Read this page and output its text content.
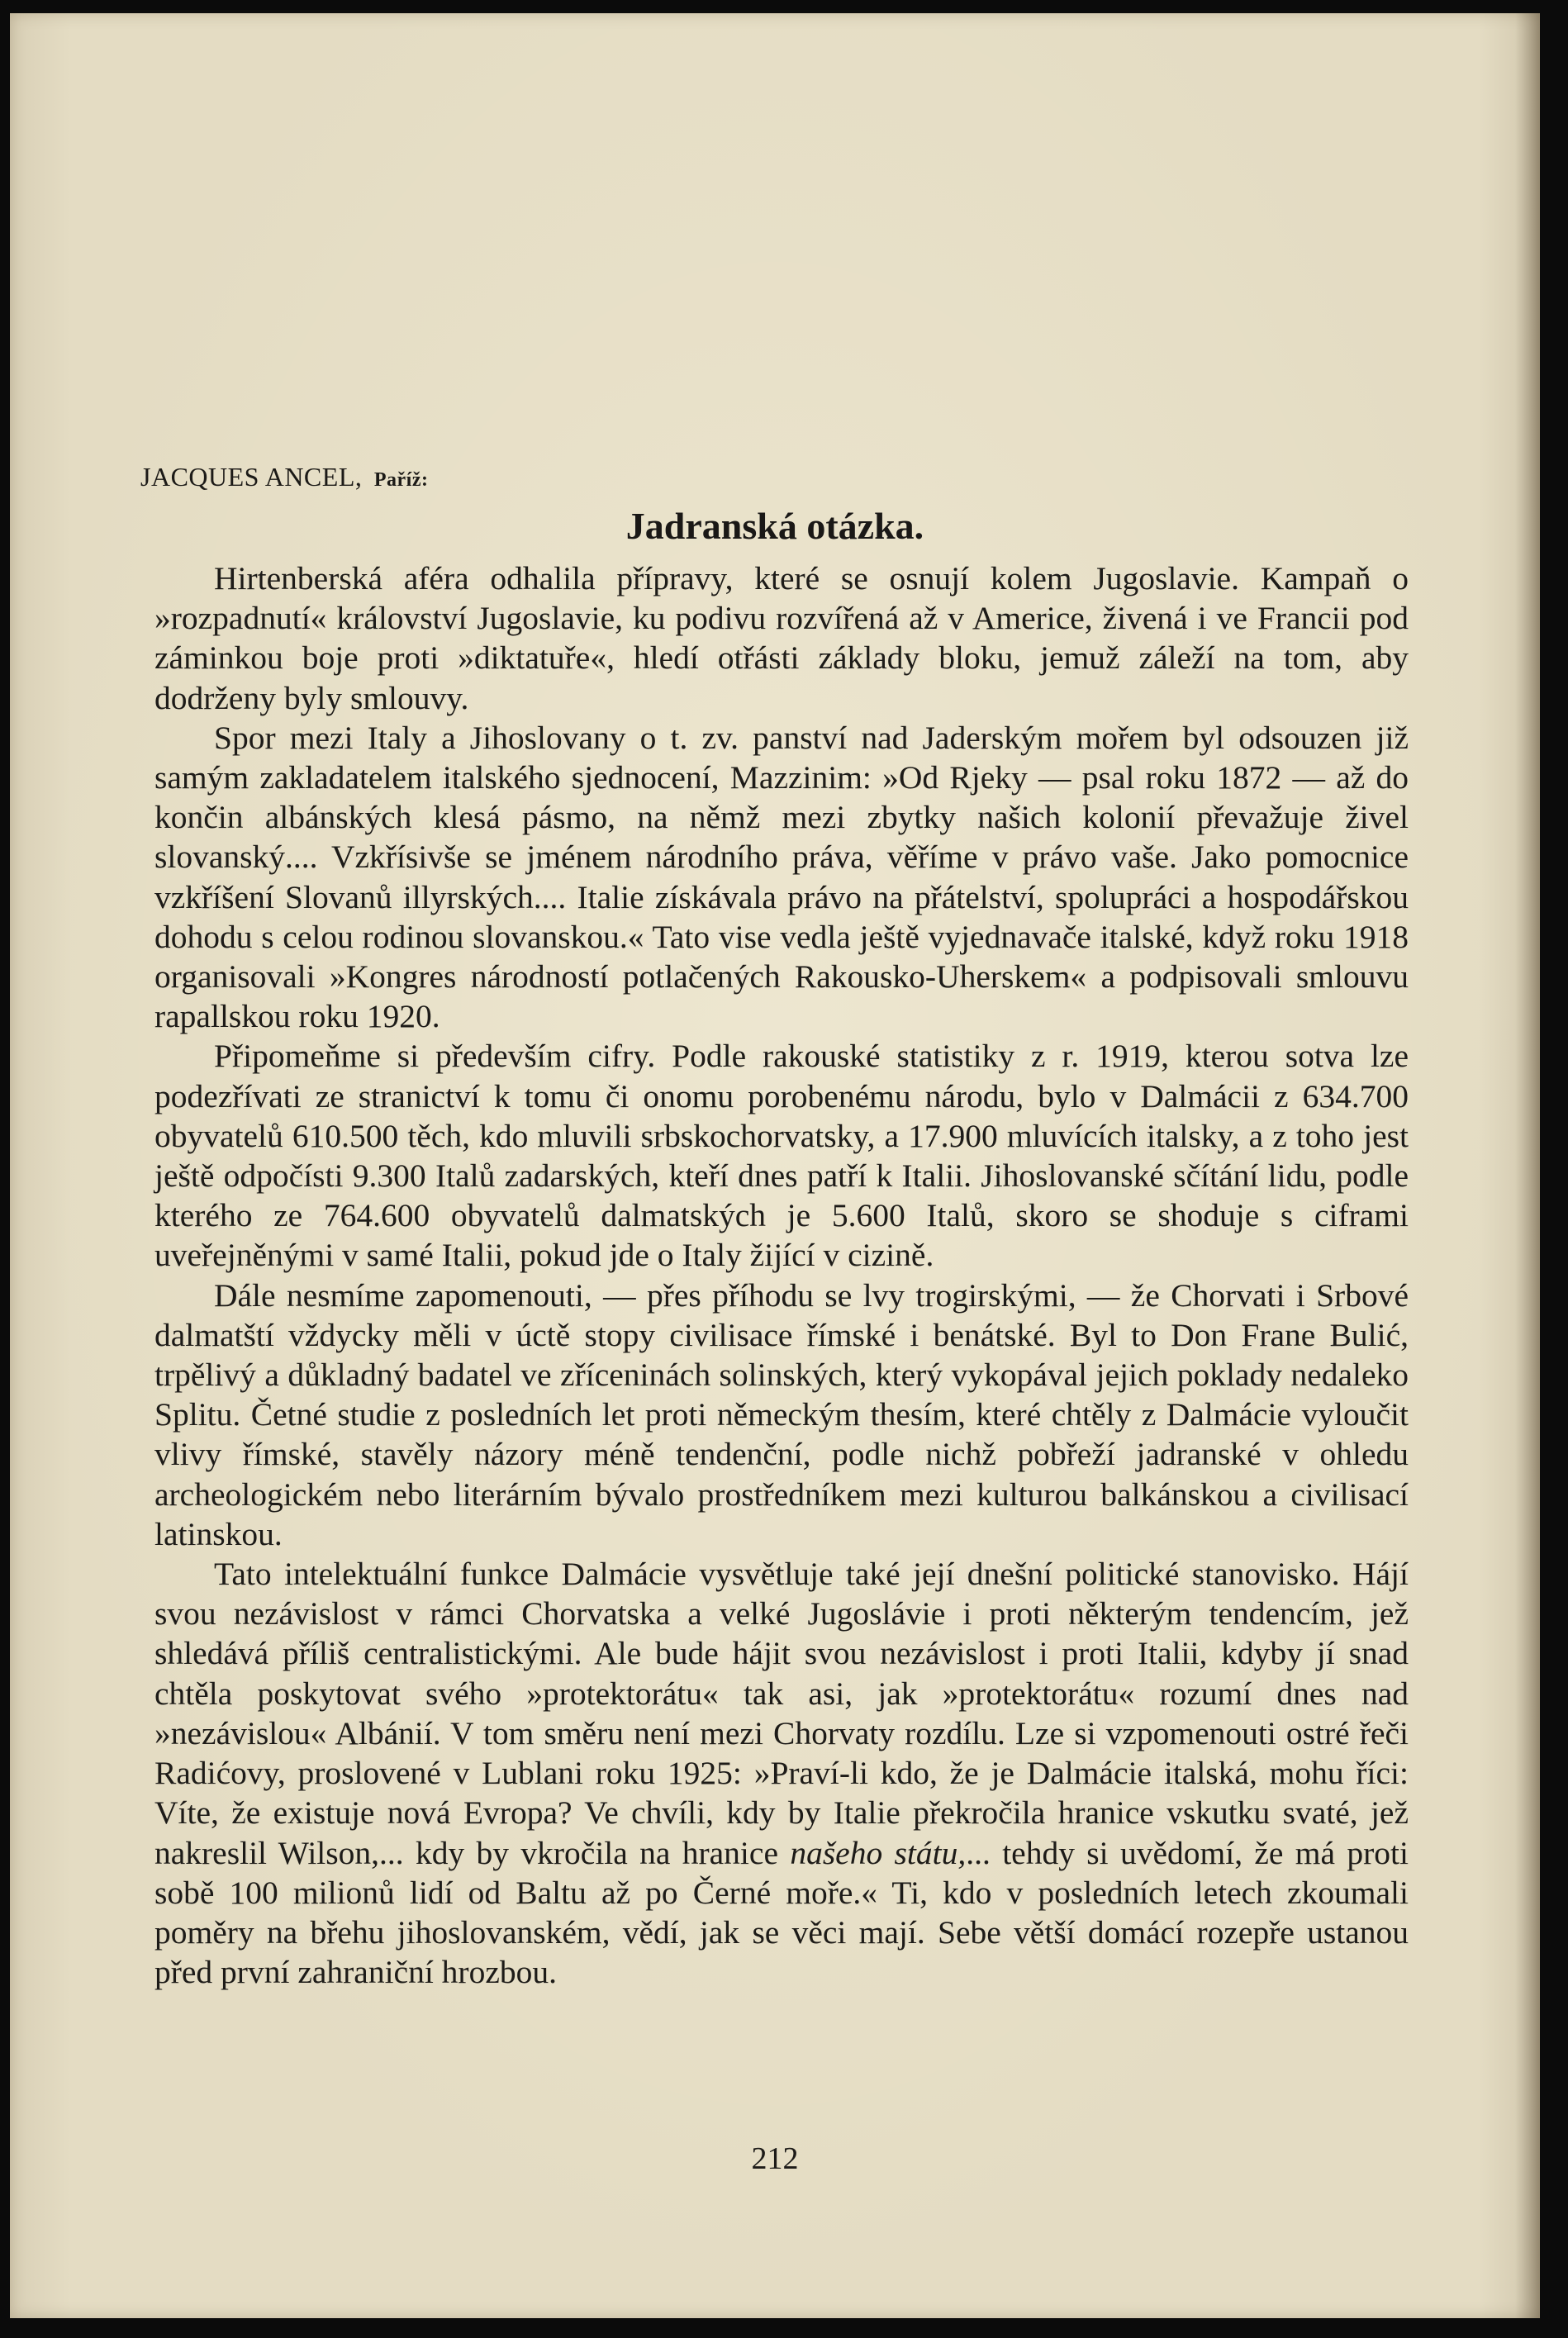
JACQUES ANCEL, Paříž:
Jadranská otázka.

Hirtenberská aféra odhalila přípravy, které se osnují kolem Jugoslavie. Kampaň o »rozpadnutí« království Jugoslavie, ku podivu rozvířená až v Americe, živená i ve Francii pod záminkou boje proti »diktatuře«, hledí otřásti základy bloku, jemuž záleží na tom, aby dodrženy byly smlouvy.

Spor mezi Italy a Jihoslovany o t. zv. panství nad Jaderským mořem byl odsouzen již samým zakladatelem italského sjednocení, Mazzinim: »Od Rjeky — psal roku 1872 — až do končin albánských klesá pásmo, na němž mezi zbytky našich kolonií převažuje živel slovanský.... Vzkřísivše se jménem národního práva, věříme v právo vaše. Jako pomocnice vzkříšení Slovanů illyrských.... Italie získávala právo na přátelství, spolupráci a hospodářskou dohodu s celou rodinou slovanskou.« Tato vise vedla ještě vyjednavače italské, když roku 1918 organisovali »Kongres národností potlačených Rakousko-Uherskem« a podpisovali smlouvu rapallskou roku 1920.

Připomeňme si především cifry. Podle rakouské statistiky z r. 1919, kterou sotva lze podezřívati ze stranictví k tomu či onomu porobenému národu, bylo v Dalmácii z 634.700 obyvatelů 610.500 těch, kdo mluvili srbskochorvatsky, a 17.900 mluvících italsky, a z toho jest ještě odpočísti 9.300 Italů zadarských, kteří dnes patří k Italii. Jihoslovanské sčítání lidu, podle kterého ze 764.600 obyvatelů dalmatských je 5.600 Italů, skoro se shoduje s ciframi uveřejněnými v samé Italii, pokud jde o Italy žijící v cizině.

Dále nesmíme zapomenouti, — přes příhodu se lvy trogirskými, — že Chorvati i Srbové dalmatští vždycky měli v úctě stopy civilisace římské i benátské. Byl to Don Frane Bulić, trpělivý a důkladný badatel ve zříceninách solinských, který vykopával jejich poklady nedaleko Splitu. Četné studie z posledních let proti německým thesím, které chtěly z Dalmácie vyloučit vlivy římské, stavěly názory méně tendenční, podle nichž pobřeží jadranské v ohledu archeologickém nebo literárním bývalo prostředníkem mezi kulturou balkánskou a civilisací latinskou.

Tato intelektuální funkce Dalmácie vysvětluje také její dnešní politické stanovisko. Hájí svou nezávislost v rámci Chorvatska a velké Jugoslávie i proti některým tendencím, jež shledává příliš centralistickými. Ale bude hájit svou nezávislost i proti Italii, kdyby jí snad chtěla poskytovat svého »protektorátu« tak asi, jak »protektorátu« rozumí dnes nad »nezávislou« Albánií. V tom směru není mezi Chorvaty rozdílu. Lze si vzpomenouti ostré řeči Radićovy, proslovené v Lublani roku 1925: »Praví-li kdo, že je Dalmácie italská, mohu říci: Víte, že existuje nová Evropa? Ve chvíli, kdy by Italie překročila hranice vskutku svaté, jež nakreslil Wilson,... kdy by vkročila na hranice našeho státu,... tehdy si uvědomí, že má proti sobě 100 milionů lidí od Baltu až po Černé moře.« Ti, kdo v posledních letech zkoumali poměry na břehu jihoslovanském, vědí, jak se věci mají. Sebe větší domácí rozepře ustanou před první zahraniční hrozbou.

212
